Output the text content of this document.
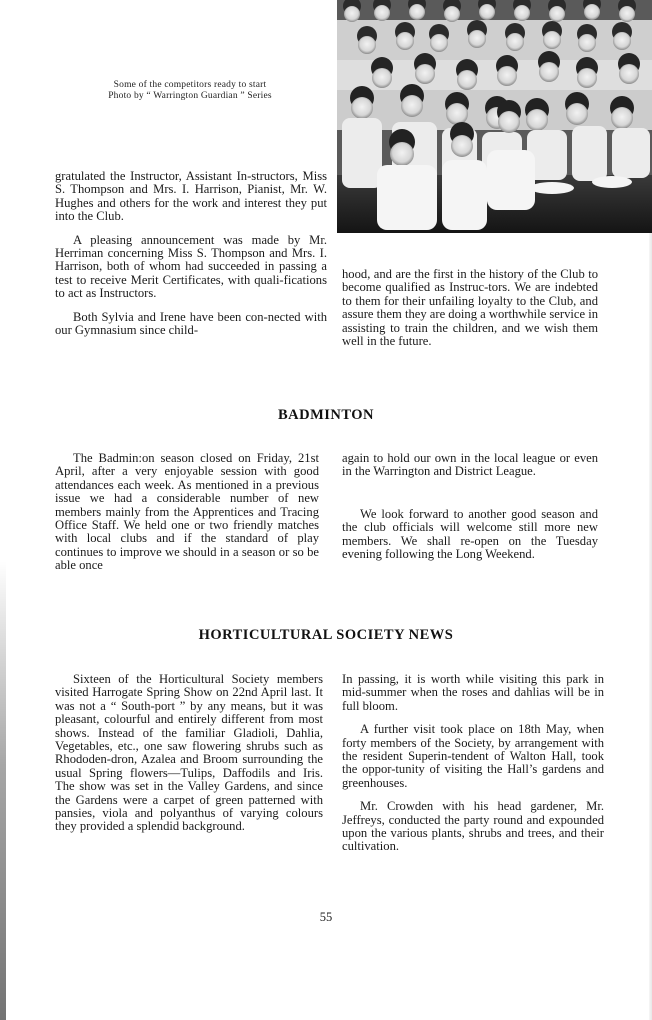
Some of the competitors ready to start
Photo by “ Warrington Guardian ” Series

gratulated the Instructor, Assistant In-structors, Miss S. Thompson and Mrs. I. Harrison, Pianist, Mr. W. Hughes and others for the work and interest they put into the Club.

A pleasing announcement was made by Mr. Herriman concerning Miss S. Thompson and Mrs. I. Harrison, both of whom had succeeded in passing a test to receive Merit Certificates, with quali-fications to act as Instructors.

Both Sylvia and Irene have been con-nected with our Gymnasium since child-

hood, and are the first in the history of the Club to become qualified as Instruc-tors. We are indebted to them for their unfailing loyalty to the Club, and assure them they are doing a worthwhile service in assisting to train the children, and we wish them well in the future.

BADMINTON

The Badmin:on season closed on Friday, 21st April, after a very enjoyable session with good attendances each week. As mentioned in a previous issue we had a considerable number of new members mainly from the Apprentices and Tracing Office Staff. We held one or two friendly matches with local clubs and if the standard of play continues to improve we should in a season or so be able once

again to hold our own in the local league or even in the Warrington and District League.

We look forward to another good season and the club officials will welcome still more new members. We shall re-open on the Tuesday evening following the Long Weekend.

HORTICULTURAL SOCIETY NEWS

Sixteen of the Horticultural Society members visited Harrogate Spring Show on 22nd April last. It was not a “ South-port ” by any means, but it was pleasant, colourful and entirely different from most shows. Instead of the familiar Gladioli, Dahlia, Vegetables, etc., one saw flowering shrubs such as Rhododen-dron, Azalea and Broom surrounding the usual Spring flowers—Tulips, Daffodils and Iris. The show was set in the Valley Gardens, and since the Gardens were a carpet of green patterned with pansies, viola and polyanthus of varying colours they provided a splendid background.

In passing, it is worth while visiting this park in mid-summer when the roses and dahlias will be in full bloom.

A further visit took place on 18th May, when forty members of the Society, by arrangement with the resident Superin-tendent of Walton Hall, took the oppor-tunity of visiting the Hall’s gardens and greenhouses.

Mr. Crowden with his head gardener, Mr. Jeffreys, conducted the party round and expounded upon the various plants, shrubs and trees, and their cultivation.

55
